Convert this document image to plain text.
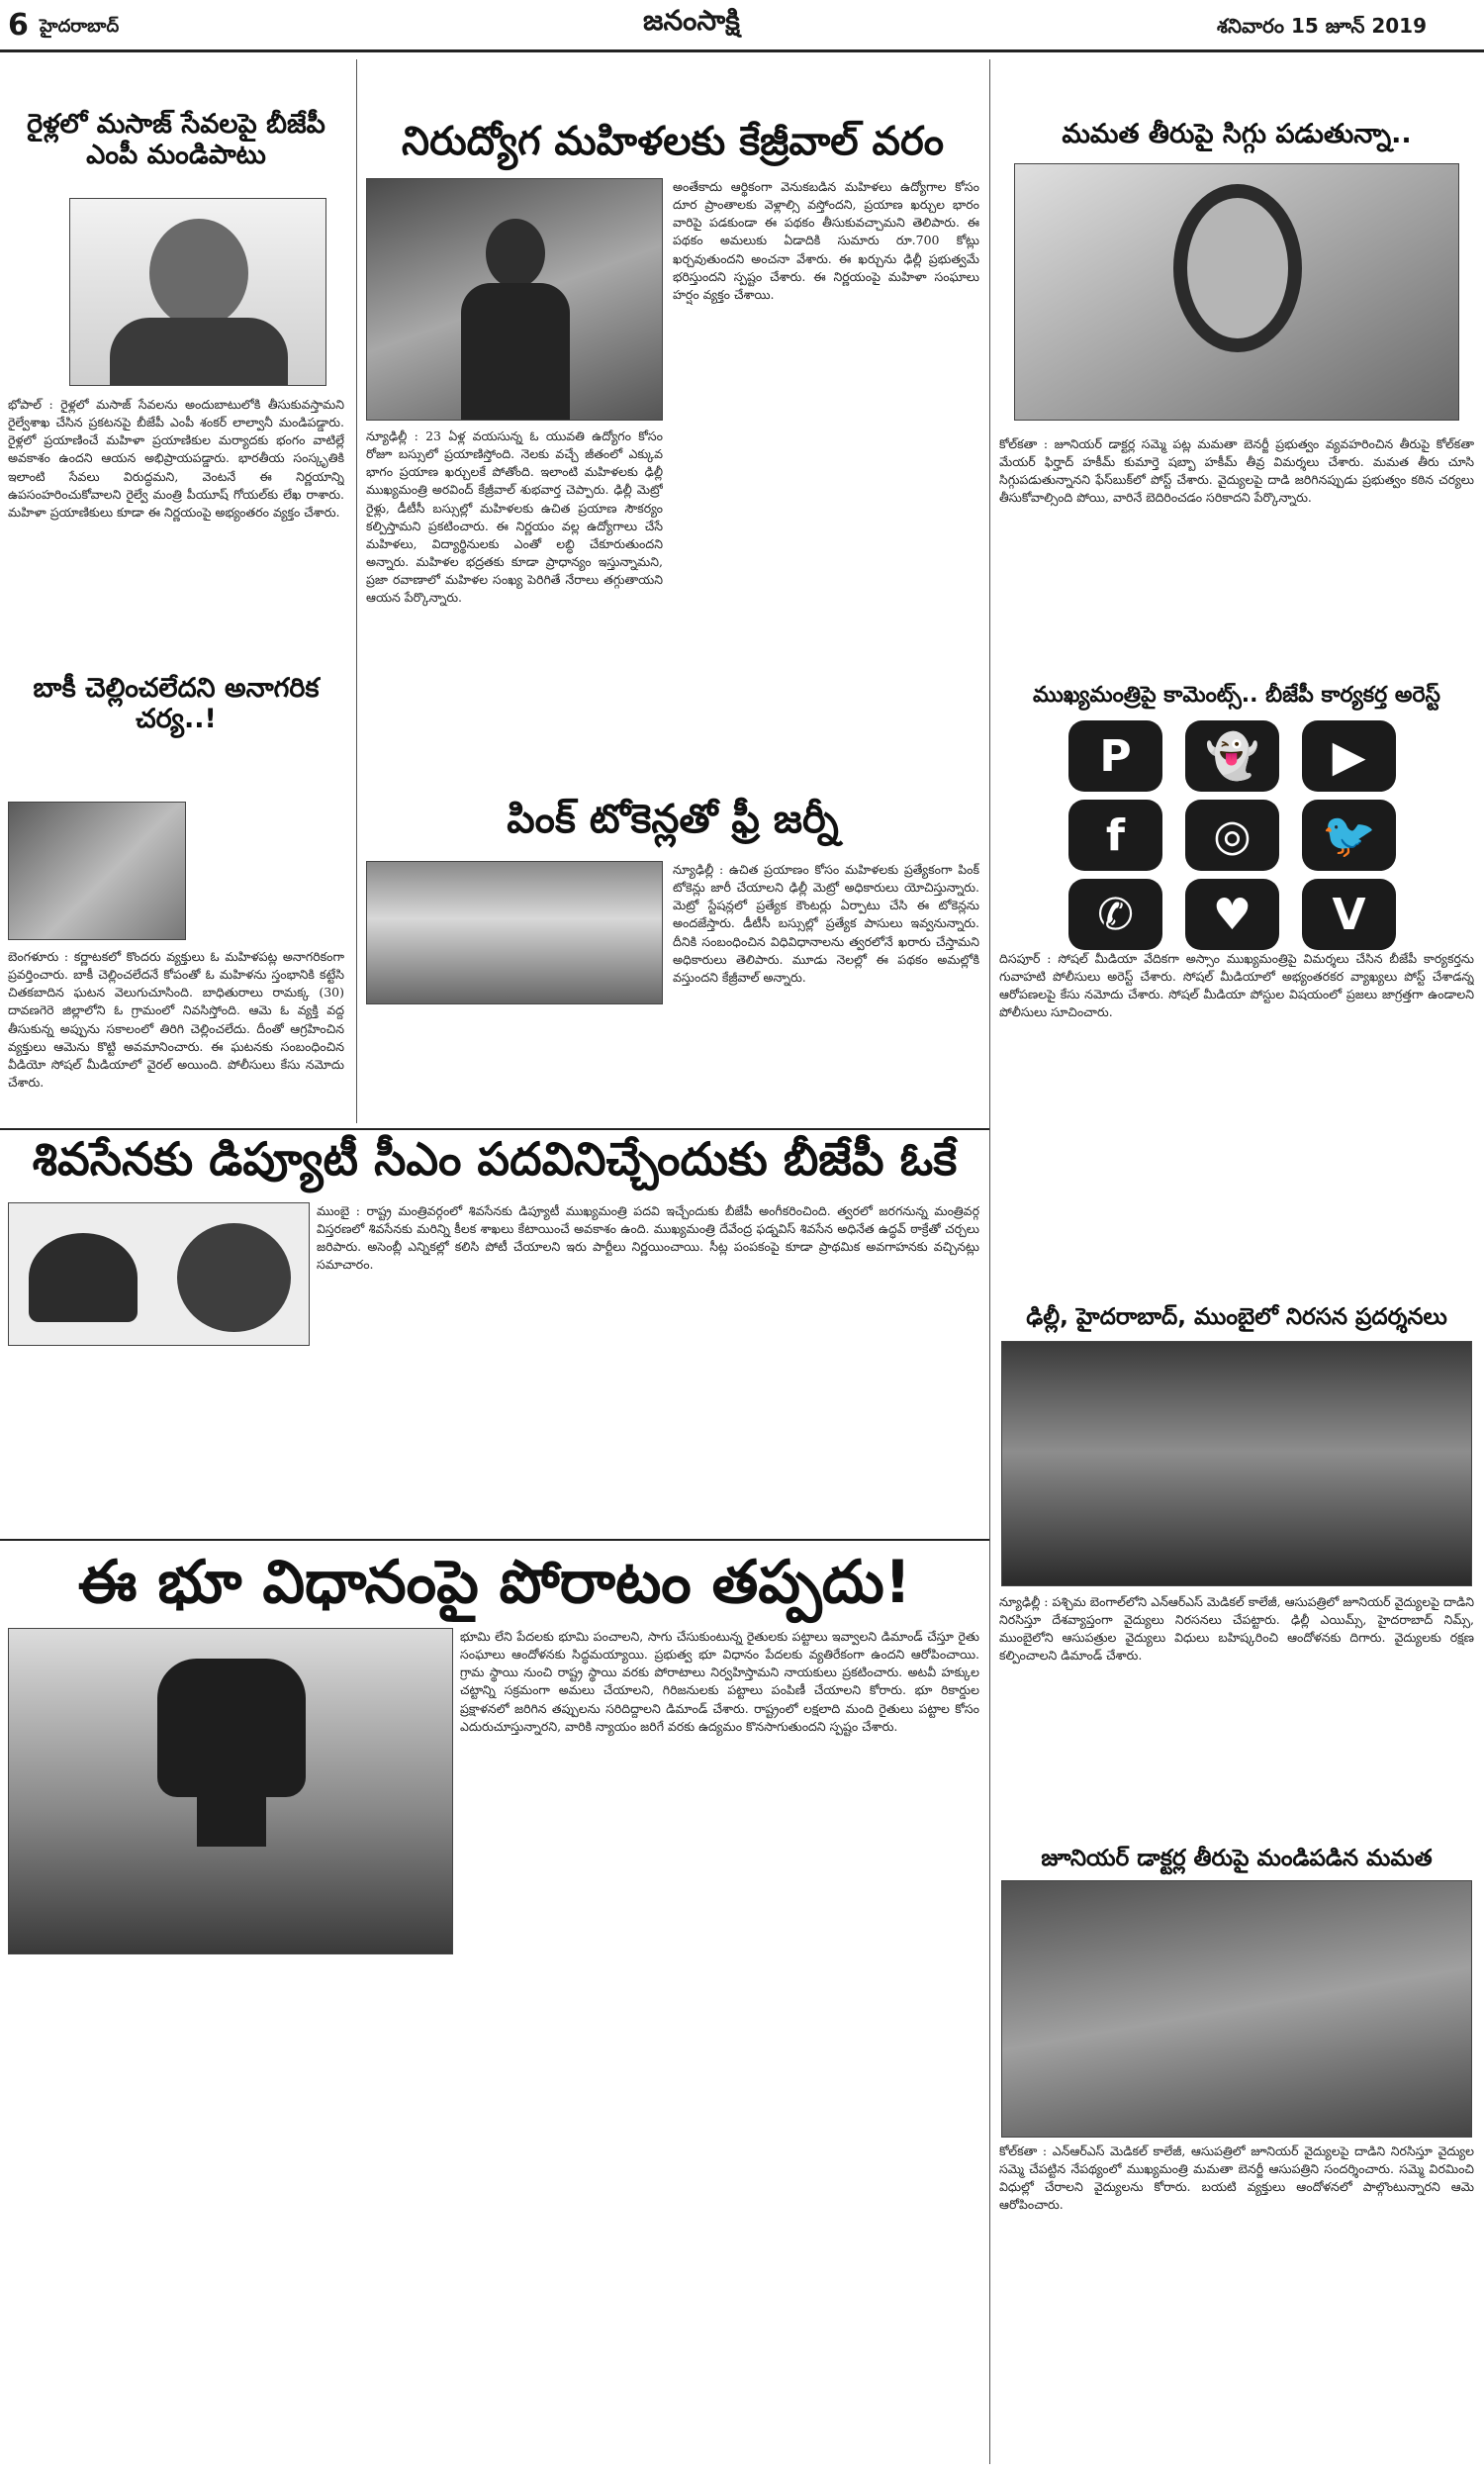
6 హైదరాబాద్	జనంసాక్షి	శనివారం 15 జూన్ 2019
రైళ్లలో మసాజ్ సేవలపై బీజేపీ ఎంపీ మండిపాటు
భోపాల్ : రైళ్లలో మసాజ్ సేవలను అందుబాటులోకి తీసుకువస్తామని రైల్వేశాఖ చేసిన ప్రకటనపై బీజేపీ ఎంపీ శంకర్ లాల్వానీ మండిపడ్డారు. రైళ్లలో ప్రయాణించే మహిళా ప్రయాణికుల మర్యాదకు భంగం వాటిల్లే అవకాశం ఉందని ఆయన అభిప్రాయపడ్డారు. భారతీయ సంస్కృతికి ఇలాంటి సేవలు విరుద్ధమని, వెంటనే ఈ నిర్ణయాన్ని ఉపసంహరించుకోవాలని రైల్వే మంత్రి పీయూష్ గోయల్‌కు లేఖ రాశారు. మహిళా ప్రయాణికులు కూడా ఈ నిర్ణయంపై అభ్యంతరం వ్యక్తం చేశారు.
బాకీ చెల్లించలేదని అనాగరిక చర్య..!
బెంగళూరు : కర్ణాటకలో కొందరు వ్యక్తులు ఓ మహిళపట్ల అనాగరికంగా ప్రవర్తించారు. బాకీ చెల్లించలేదనే కోపంతో ఓ మహిళను స్తంభానికి కట్టేసి చితకబాదిన ఘటన వెలుగుచూసింది. బాధితురాలు రామక్క (30) దావణగెరె జిల్లాలోని ఓ గ్రామంలో నివసిస్తోంది. ఆమె ఓ వ్యక్తి వద్ద తీసుకున్న అప్పును సకాలంలో తిరిగి చెల్లించలేదు. దీంతో ఆగ్రహించిన వ్యక్తులు ఆమెను కొట్టి అవమానించారు. ఈ ఘటనకు సంబంధించిన వీడియో సోషల్ మీడియాలో వైరల్ అయింది. పోలీసులు కేసు నమోదు చేశారు.
నిరుద్యోగ మహిళలకు కేజ్రీవాల్ వరం
అంతేకాదు ఆర్థికంగా వెనుకబడిన మహిళలు ఉద్యోగాల కోసం దూర ప్రాంతాలకు వెళ్లాల్సి వస్తోందని, ప్రయాణ ఖర్చుల భారం వారిపై పడకుండా ఈ పథకం తీసుకువచ్చామని తెలిపారు. ఈ పథకం అమలుకు ఏడాదికి సుమారు రూ.700 కోట్లు ఖర్చవుతుందని అంచనా వేశారు. ఈ ఖర్చును ఢిల్లీ ప్రభుత్వమే భరిస్తుందని స్పష్టం చేశారు. ఈ నిర్ణయంపై మహిళా సంఘాలు హర్షం వ్యక్తం చేశాయి.
న్యూఢిల్లీ : 23 ఏళ్ల వయసున్న ఓ యువతి ఉద్యోగం కోసం రోజూ బస్సులో ప్రయాణిస్తోంది. నెలకు వచ్చే జీతంలో ఎక్కువ భాగం ప్రయాణ ఖర్చులకే పోతోంది. ఇలాంటి మహిళలకు ఢిల్లీ ముఖ్యమంత్రి అరవింద్ కేజ్రీవాల్ శుభవార్త చెప్పారు. ఢిల్లీ మెట్రో రైళ్లు, డీటీసీ బస్సుల్లో మహిళలకు ఉచిత ప్రయాణ సౌకర్యం కల్పిస్తామని ప్రకటించారు. ఈ నిర్ణయం వల్ల ఉద్యోగాలు చేసే మహిళలు, విద్యార్థినులకు ఎంతో లబ్ధి చేకూరుతుందని అన్నారు. మహిళల భద్రతకు కూడా ప్రాధాన్యం ఇస్తున్నామని, ప్రజా రవాణాలో మహిళల సంఖ్య పెరిగితే నేరాలు తగ్గుతాయని ఆయన పేర్కొన్నారు.
పింక్ టోకెన్లతో ఫ్రీ జర్నీ
న్యూఢిల్లీ : ఉచిత ప్రయాణం కోసం మహిళలకు ప్రత్యేకంగా పింక్ టోకెన్లు జారీ చేయాలని ఢిల్లీ మెట్రో అధికారులు యోచిస్తున్నారు. మెట్రో స్టేషన్లలో ప్రత్యేక కౌంటర్లు ఏర్పాటు చేసి ఈ టోకెన్లను అందజేస్తారు. డీటీసీ బస్సుల్లో ప్రత్యేక పాసులు ఇవ్వనున్నారు. దీనికి సంబంధించిన విధివిధానాలను త్వరలోనే ఖరారు చేస్తామని అధికారులు తెలిపారు. మూడు నెలల్లో ఈ పథకం అమల్లోకి వస్తుందని కేజ్రీవాల్ అన్నారు.
మమత తీరుపై సిగ్గు పడుతున్నా..
కోల్‌కతా : జూనియర్ డాక్టర్ల సమ్మె పట్ల మమతా బెనర్జీ ప్రభుత్వం వ్యవహరించిన తీరుపై కోల్‌కతా మేయర్ ఫిర్హాద్ హకీమ్ కుమార్తె షబ్బా హకీమ్ తీవ్ర విమర్శలు చేశారు. మమత తీరు చూసి సిగ్గుపడుతున్నానని ఫేస్‌బుక్‌లో పోస్ట్ చేశారు. వైద్యులపై దాడి జరిగినప్పుడు ప్రభుత్వం కఠిన చర్యలు తీసుకోవాల్సింది పోయి, వారినే బెదిరించడం సరికాదని పేర్కొన్నారు.
ముఖ్యమంత్రిపై కామెంట్స్.. బీజేపీ కార్యకర్త అరెస్ట్
P	👻	▶
f	◎	🐦
✆	♥	V
దిసపూర్ : సోషల్ మీడియా వేదికగా అస్సాం ముఖ్యమంత్రిపై విమర్శలు చేసిన బీజేపీ కార్యకర్తను గువాహటి పోలీసులు అరెస్ట్ చేశారు. సోషల్ మీడియాలో అభ్యంతరకర వ్యాఖ్యలు పోస్ట్ చేశాడన్న ఆరోపణలపై కేసు నమోదు చేశారు. సోషల్ మీడియా పోస్టుల విషయంలో ప్రజలు జాగ్రత్తగా ఉండాలని పోలీసులు సూచించారు.
ఢిల్లీ, హైదరాబాద్, ముంబైలో నిరసన ప్రదర్శనలు
న్యూఢిల్లీ : పశ్చిమ బెంగాల్‌లోని ఎన్ఆర్ఎస్ మెడికల్ కాలేజీ, ఆసుపత్రిలో జూనియర్ వైద్యులపై దాడిని నిరసిస్తూ దేశవ్యాప్తంగా వైద్యులు నిరసనలు చేపట్టారు. ఢిల్లీ ఎయిమ్స్, హైదరాబాద్ నిమ్స్, ముంబైలోని ఆసుపత్రుల వైద్యులు విధులు బహిష్కరించి ఆందోళనకు దిగారు. వైద్యులకు రక్షణ కల్పించాలని డిమాండ్ చేశారు.
జూనియర్ డాక్టర్ల తీరుపై మండిపడిన మమత
కోల్‌కతా : ఎన్ఆర్ఎస్ మెడికల్ కాలేజీ, ఆసుపత్రిలో జూనియర్ వైద్యులపై దాడిని నిరసిస్తూ వైద్యుల సమ్మె చేపట్టిన నేపథ్యంలో ముఖ్యమంత్రి మమతా బెనర్జీ ఆసుపత్రిని సందర్శించారు. సమ్మె విరమించి విధుల్లో చేరాలని వైద్యులను కోరారు. బయటి వ్యక్తులు ఆందోళనలో పాల్గొంటున్నారని ఆమె ఆరోపించారు.
శివసేనకు డిప్యూటీ సీఎం పదవినిచ్చేందుకు బీజేపీ ఓకే
ముంబై : రాష్ట్ర మంత్రివర్గంలో శివసేనకు డిప్యూటీ ముఖ్యమంత్రి పదవి ఇచ్చేందుకు బీజేపీ అంగీకరించింది. త్వరలో జరగనున్న మంత్రివర్గ విస్తరణలో శివసేనకు మరిన్ని కీలక శాఖలు కేటాయించే అవకాశం ఉంది. ముఖ్యమంత్రి దేవేంద్ర ఫడ్నవిస్ శివసేన అధినేత ఉద్ధవ్ ఠాక్రేతో చర్చలు జరిపారు. అసెంబ్లీ ఎన్నికల్లో కలిసి పోటీ చేయాలని ఇరు పార్టీలు నిర్ణయించాయి. సీట్ల పంపకంపై కూడా ప్రాథమిక అవగాహనకు వచ్చినట్లు సమాచారం.
ఈ భూ విధానంపై పోరాటం తప్పదు!
భూమి లేని పేదలకు భూమి పంచాలని, సాగు చేసుకుంటున్న రైతులకు పట్టాలు ఇవ్వాలని డిమాండ్ చేస్తూ రైతు సంఘాలు ఆందోళనకు సిద్ధమయ్యాయి. ప్రభుత్వ భూ విధానం పేదలకు వ్యతిరేకంగా ఉందని ఆరోపించాయి. గ్రామ స్థాయి నుంచి రాష్ట్ర స్థాయి వరకు పోరాటాలు నిర్వహిస్తామని నాయకులు ప్రకటించారు. అటవీ హక్కుల చట్టాన్ని సక్రమంగా అమలు చేయాలని, గిరిజనులకు పట్టాలు పంపిణీ చేయాలని కోరారు. భూ రికార్డుల ప్రక్షాళనలో జరిగిన తప్పులను సరిదిద్దాలని డిమాండ్ చేశారు. రాష్ట్రంలో లక్షలాది మంది రైతులు పట్టాల కోసం ఎదురుచూస్తున్నారని, వారికి న్యాయం జరిగే వరకు ఉద్యమం కొనసాగుతుందని స్పష్టం చేశారు.
